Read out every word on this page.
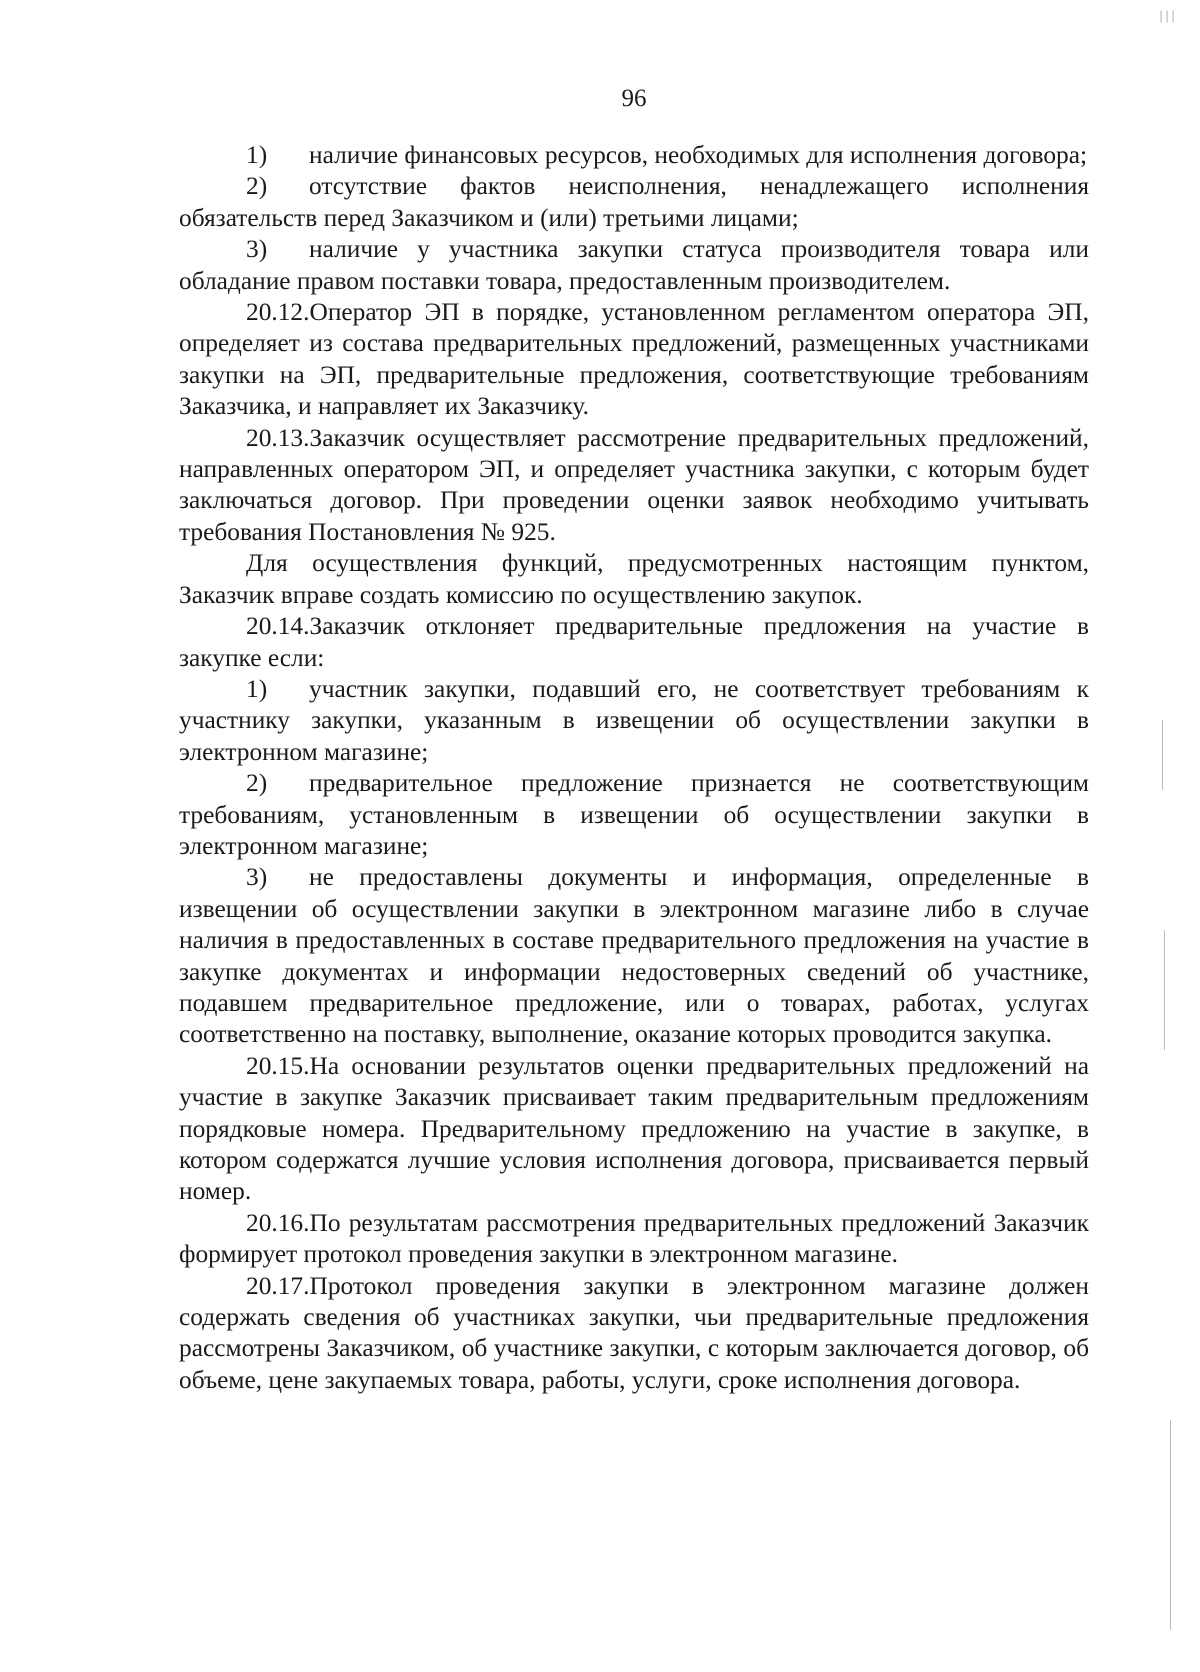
│││
96

1) наличие финансовых ресурсов, необходимых для исполнения договора;

2) отсутствие фактов неисполнения, ненадлежащего исполнения обязательств перед Заказчиком и (или) третьими лицами;

3) наличие у участника закупки статуса производителя товара или обладание правом поставки товара, предоставленным производителем.

20.12.Оператор ЭП в порядке, установленном регламентом оператора ЭП, определяет из состава предварительных предложений, размещенных участниками закупки на ЭП, предварительные предложения, соответствующие требованиям Заказчика, и направляет их Заказчику.

20.13.Заказчик осуществляет рассмотрение предварительных предложений, направленных оператором ЭП, и определяет участника закупки, с которым будет заключаться договор. При проведении оценки заявок необходимо учитывать требования Постановления № 925.

Для осуществления функций, предусмотренных настоящим пунктом, Заказчик вправе создать комиссию по осуществлению закупок.

20.14.Заказчик отклоняет предварительные предложения на участие в закупке если:

1) участник закупки, подавший его, не соответствует требованиям к участнику закупки, указанным в извещении об осуществлении закупки в электронном магазине;

2) предварительное предложение признается не соответствующим требованиям, установленным в извещении об осуществлении закупки в электронном магазине;

3) не предоставлены документы и информация, определенные в извещении об осуществлении закупки в электронном магазине либо в случае наличия в предоставленных в составе предварительного предложения на участие в закупке документах и информации недостоверных сведений об участнике, подавшем предварительное предложение, или о товарах, работах, услугах соответственно на поставку, выполнение, оказание которых проводится закупка.

20.15.На основании результатов оценки предварительных предложений на участие в закупке Заказчик присваивает таким предварительным предложениям порядковые номера. Предварительному предложению на участие в закупке, в котором содержатся лучшие условия исполнения договора, присваивается первый номер.

20.16.По результатам рассмотрения предварительных предложений Заказчик формирует протокол проведения закупки в электронном магазине.

20.17.Протокол проведения закупки в электронном магазине должен содержать сведения об участниках закупки, чьи предварительные предложения рассмотрены Заказчиком, об участнике закупки, с которым заключается договор, об объеме, цене закупаемых товара, работы, услуги, сроке исполнения договора.
